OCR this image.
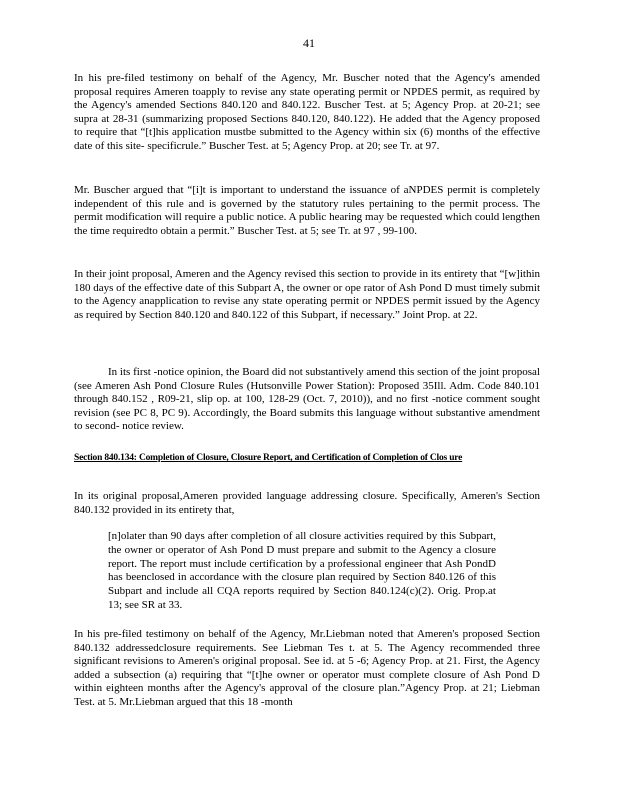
41

In his pre-filed testimony on behalf of the Agency, Mr. Buscher noted that the Agency's amended proposal requires Ameren toapply to revise any state operating permit or NPDES permit, as required by the Agency's amended Sections 840.120 and 840.122. Buscher Test. at 5; Agency Prop. at 20-21; see supra at 28-31 (summarizing proposed Sections 840.120, 840.122). He added that the Agency proposed to require that “[t]his application mustbe submitted to the Agency within six (6) months of the effective date of this site- specificrule.” Buscher Test. at 5; Agency Prop. at 20; see Tr. at 97.

Mr. Buscher argued that “[i]t is important to understand the issuance of aNPDES permit is completely independent of this rule and is governed by the statutory rules pertaining to the permit process. The permit modification will require a public notice. A public hearing may be requested which could lengthen the time requiredto obtain a permit.” Buscher Test. at 5; see Tr. at 97 , 99-100.

In their joint proposal, Ameren and the Agency revised this section to provide in its entirety that “[w]ithin 180 days of the effective date of this Subpart A, the owner or ope rator of Ash Pond D must timely submit to the Agency anapplication to revise any state operating permit or NPDES permit issued by the Agency as required by Section 840.120 and 840.122 of this Subpart, if necessary.” Joint Prop. at 22.

In its first -notice opinion, the Board did not substantively amend this section of the joint proposal (see Ameren Ash Pond Closure Rules (Hutsonville Power Station): Proposed 35Ill. Adm. Code 840.101 through 840.152 , R09-21, slip op. at 100, 128-29 (Oct. 7, 2010)), and no first -notice comment sought revision (see PC 8, PC 9). Accordingly, the Board submits this language without substantive amendment to second- notice review.

Section 840.134: Completion of Closure, Closure Report, and Certification of Completion of Clos ure

In its original proposal,Ameren provided language addressing closure. Specifically, Ameren's Section 840.132 provided in its entirety that,

[n]olater than 90 days after completion of all closure activities required by this Subpart, the owner or operator of Ash Pond D must prepare and submit to the Agency a closure report. The report must include certification by a professional engineer that Ash PondD has beenclosed in accordance with the closure plan required by Section 840.126 of this Subpart and include all CQA reports required by Section 840.124(c)(2). Orig. Prop.at 13; see SR at 33.

In his pre-filed testimony on behalf of the Agency, Mr.Liebman noted that Ameren's proposed Section 840.132 addressedclosure requirements. See Liebman Tes t. at 5. The Agency recommended three significant revisions to Ameren's original proposal. See id. at 5 -6; Agency Prop. at 21. First, the Agency added a subsection (a) requiring that “[t]he owner or operator must complete closure of Ash Pond D within eighteen months after the Agency's approval of the closure plan.”Agency Prop. at 21; Liebman Test. at 5. Mr.Liebman argued that this 18 -month
